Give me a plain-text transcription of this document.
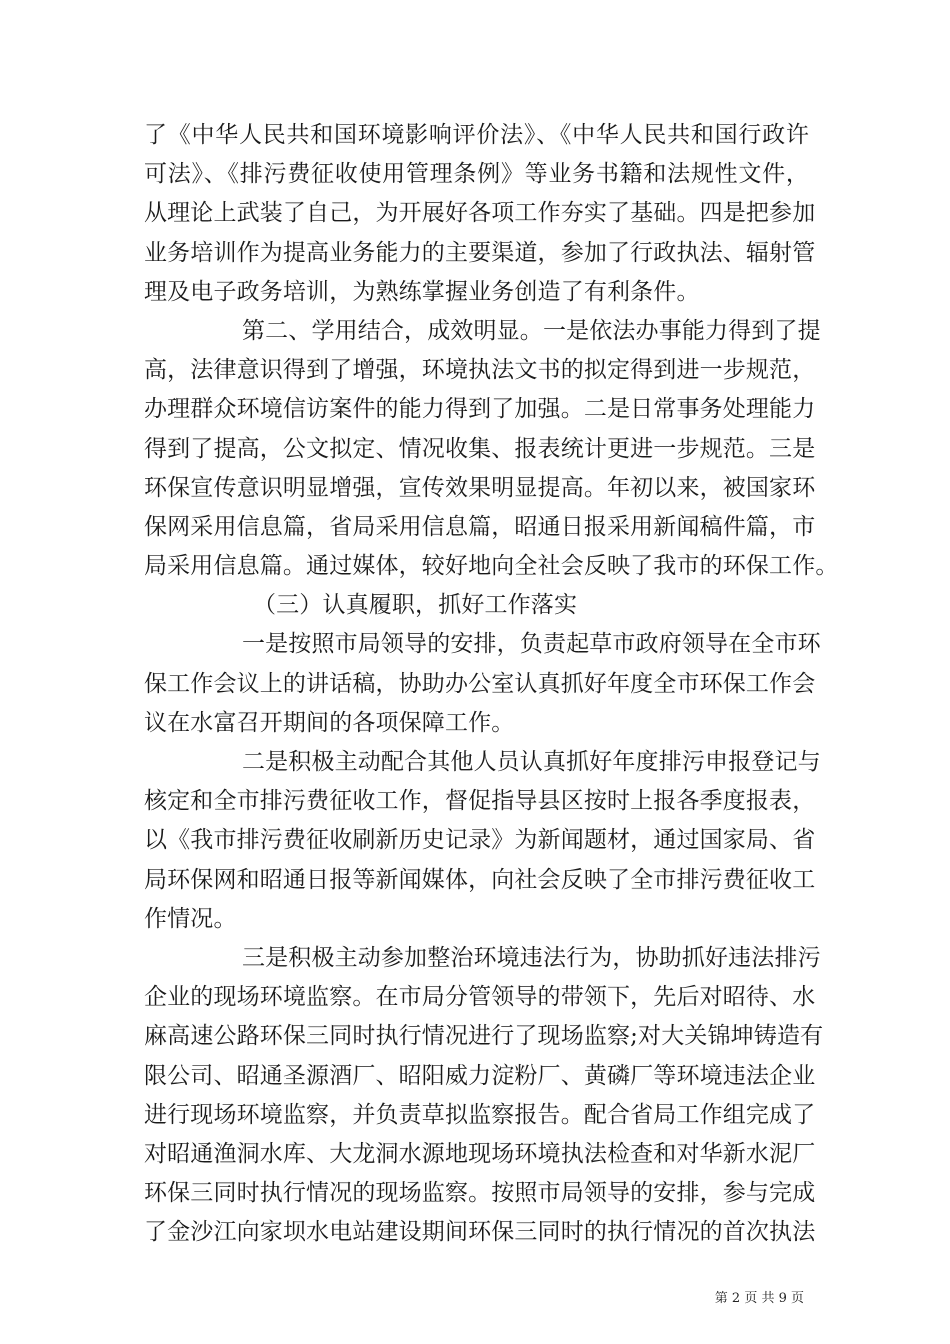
了《中华人民共和国环境影响评价法》、《中华人民共和国行政许
可法》、《排污费征收使用管理条例》等业务书籍和法规性文件，
从理论上武装了自己，为开展好各项工作夯实了基础。四是把参加
业务培训作为提高业务能力的主要渠道，参加了行政执法、辐射管
理及电子政务培训，为熟练掌握业务创造了有利条件。
第二、学用结合，成效明显。一是依法办事能力得到了提
高，法律意识得到了增强，环境执法文书的拟定得到进一步规范，
办理群众环境信访案件的能力得到了加强。二是日常事务处理能力
得到了提高，公文拟定、情况收集、报表统计更进一步规范。三是
环保宣传意识明显增强，宣传效果明显提高。年初以来，被国家环
保网采用信息篇，省局采用信息篇，昭通日报采用新闻稿件篇，市
局采用信息篇。通过媒体，较好地向全社会反映了我市的环保工作。
（三）认真履职，抓好工作落实
一是按照市局领导的安排，负责起草市政府领导在全市环
保工作会议上的讲话稿，协助办公室认真抓好年度全市环保工作会
议在水富召开期间的各项保障工作。
二是积极主动配合其他人员认真抓好年度排污申报登记与
核定和全市排污费征收工作，督促指导县区按时上报各季度报表，
以《我市排污费征收刷新历史记录》为新闻题材，通过国家局、省
局环保网和昭通日报等新闻媒体，向社会反映了全市排污费征收工
作情况。
三是积极主动参加整治环境违法行为，协助抓好违法排污
企业的现场环境监察。在市局分管领导的带领下，先后对昭待、水
麻高速公路环保三同时执行情况进行了现场监察;对大关锦坤铸造有
限公司、昭通圣源酒厂、昭阳威力淀粉厂、黄磷厂等环境违法企业
进行现场环境监察，并负责草拟监察报告。配合省局工作组完成了
对昭通渔洞水库、大龙洞水源地现场环境执法检查和对华新水泥厂
环保三同时执行情况的现场监察。按照市局领导的安排，参与完成
了金沙江向家坝水电站建设期间环保三同时的执行情况的首次执法
第 2 页 共 9 页
